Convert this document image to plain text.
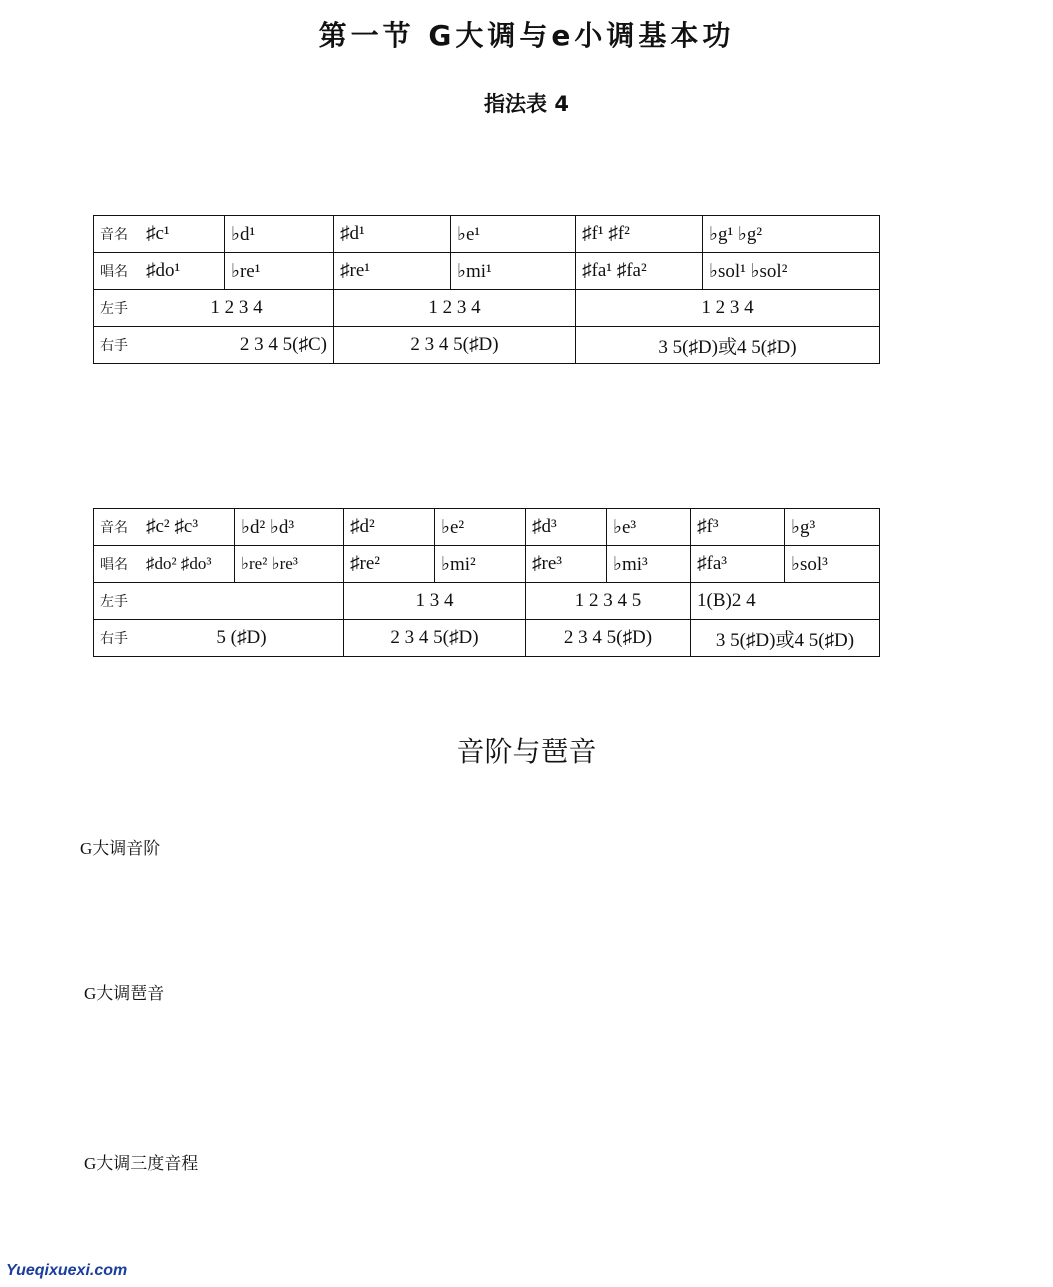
第一节 G大调与e小调基本功
指法表 4
𝄞
♯	♭	♯	♭
♯
♯
♭
♭
音名	♯c¹	♭d¹	♯d¹	♭e¹	♯f¹ ♯f²	♭g¹ ♭g²
唱名	♯do¹	♭re¹	♯re¹	♭mi¹	♯fa¹ ♯fa²	♭sol¹ ♭sol²
左手	1 2 3 4		1 2 3 4		1 2 3 4	
右手	2 3 4 5(♯C)		2 3 4 5(♯D)		3 5(♯D)或4 5(♯D)	
𝄞
♯
♯
♭
♭	♯	♭
♯	♭	♯	♭
音名	♯c² ♯c³	♭d² ♭d³	♯d²	♭e²	♯d³	♭e³	♯f³	♭g³
唱名	♯do² ♯do³	♭re² ♭re³	♯re²	♭mi²	♯re³	♭mi³	♯fa³	♭sol³
左手			1 3 4		1 2 3 4 5		1(B)2 4	
右手	5 (♯D)		2 3 4 5(♯D)		2 3 4 5(♯D)		3 5(♯D)或4 5(♯D)	
音阶与琶音
G大调音阶
𝄞 ♯
C
G大调琶音
𝄞 ♯
C
G大调三度音程
𝄞 ♯
C
Yueqixuexi.com
